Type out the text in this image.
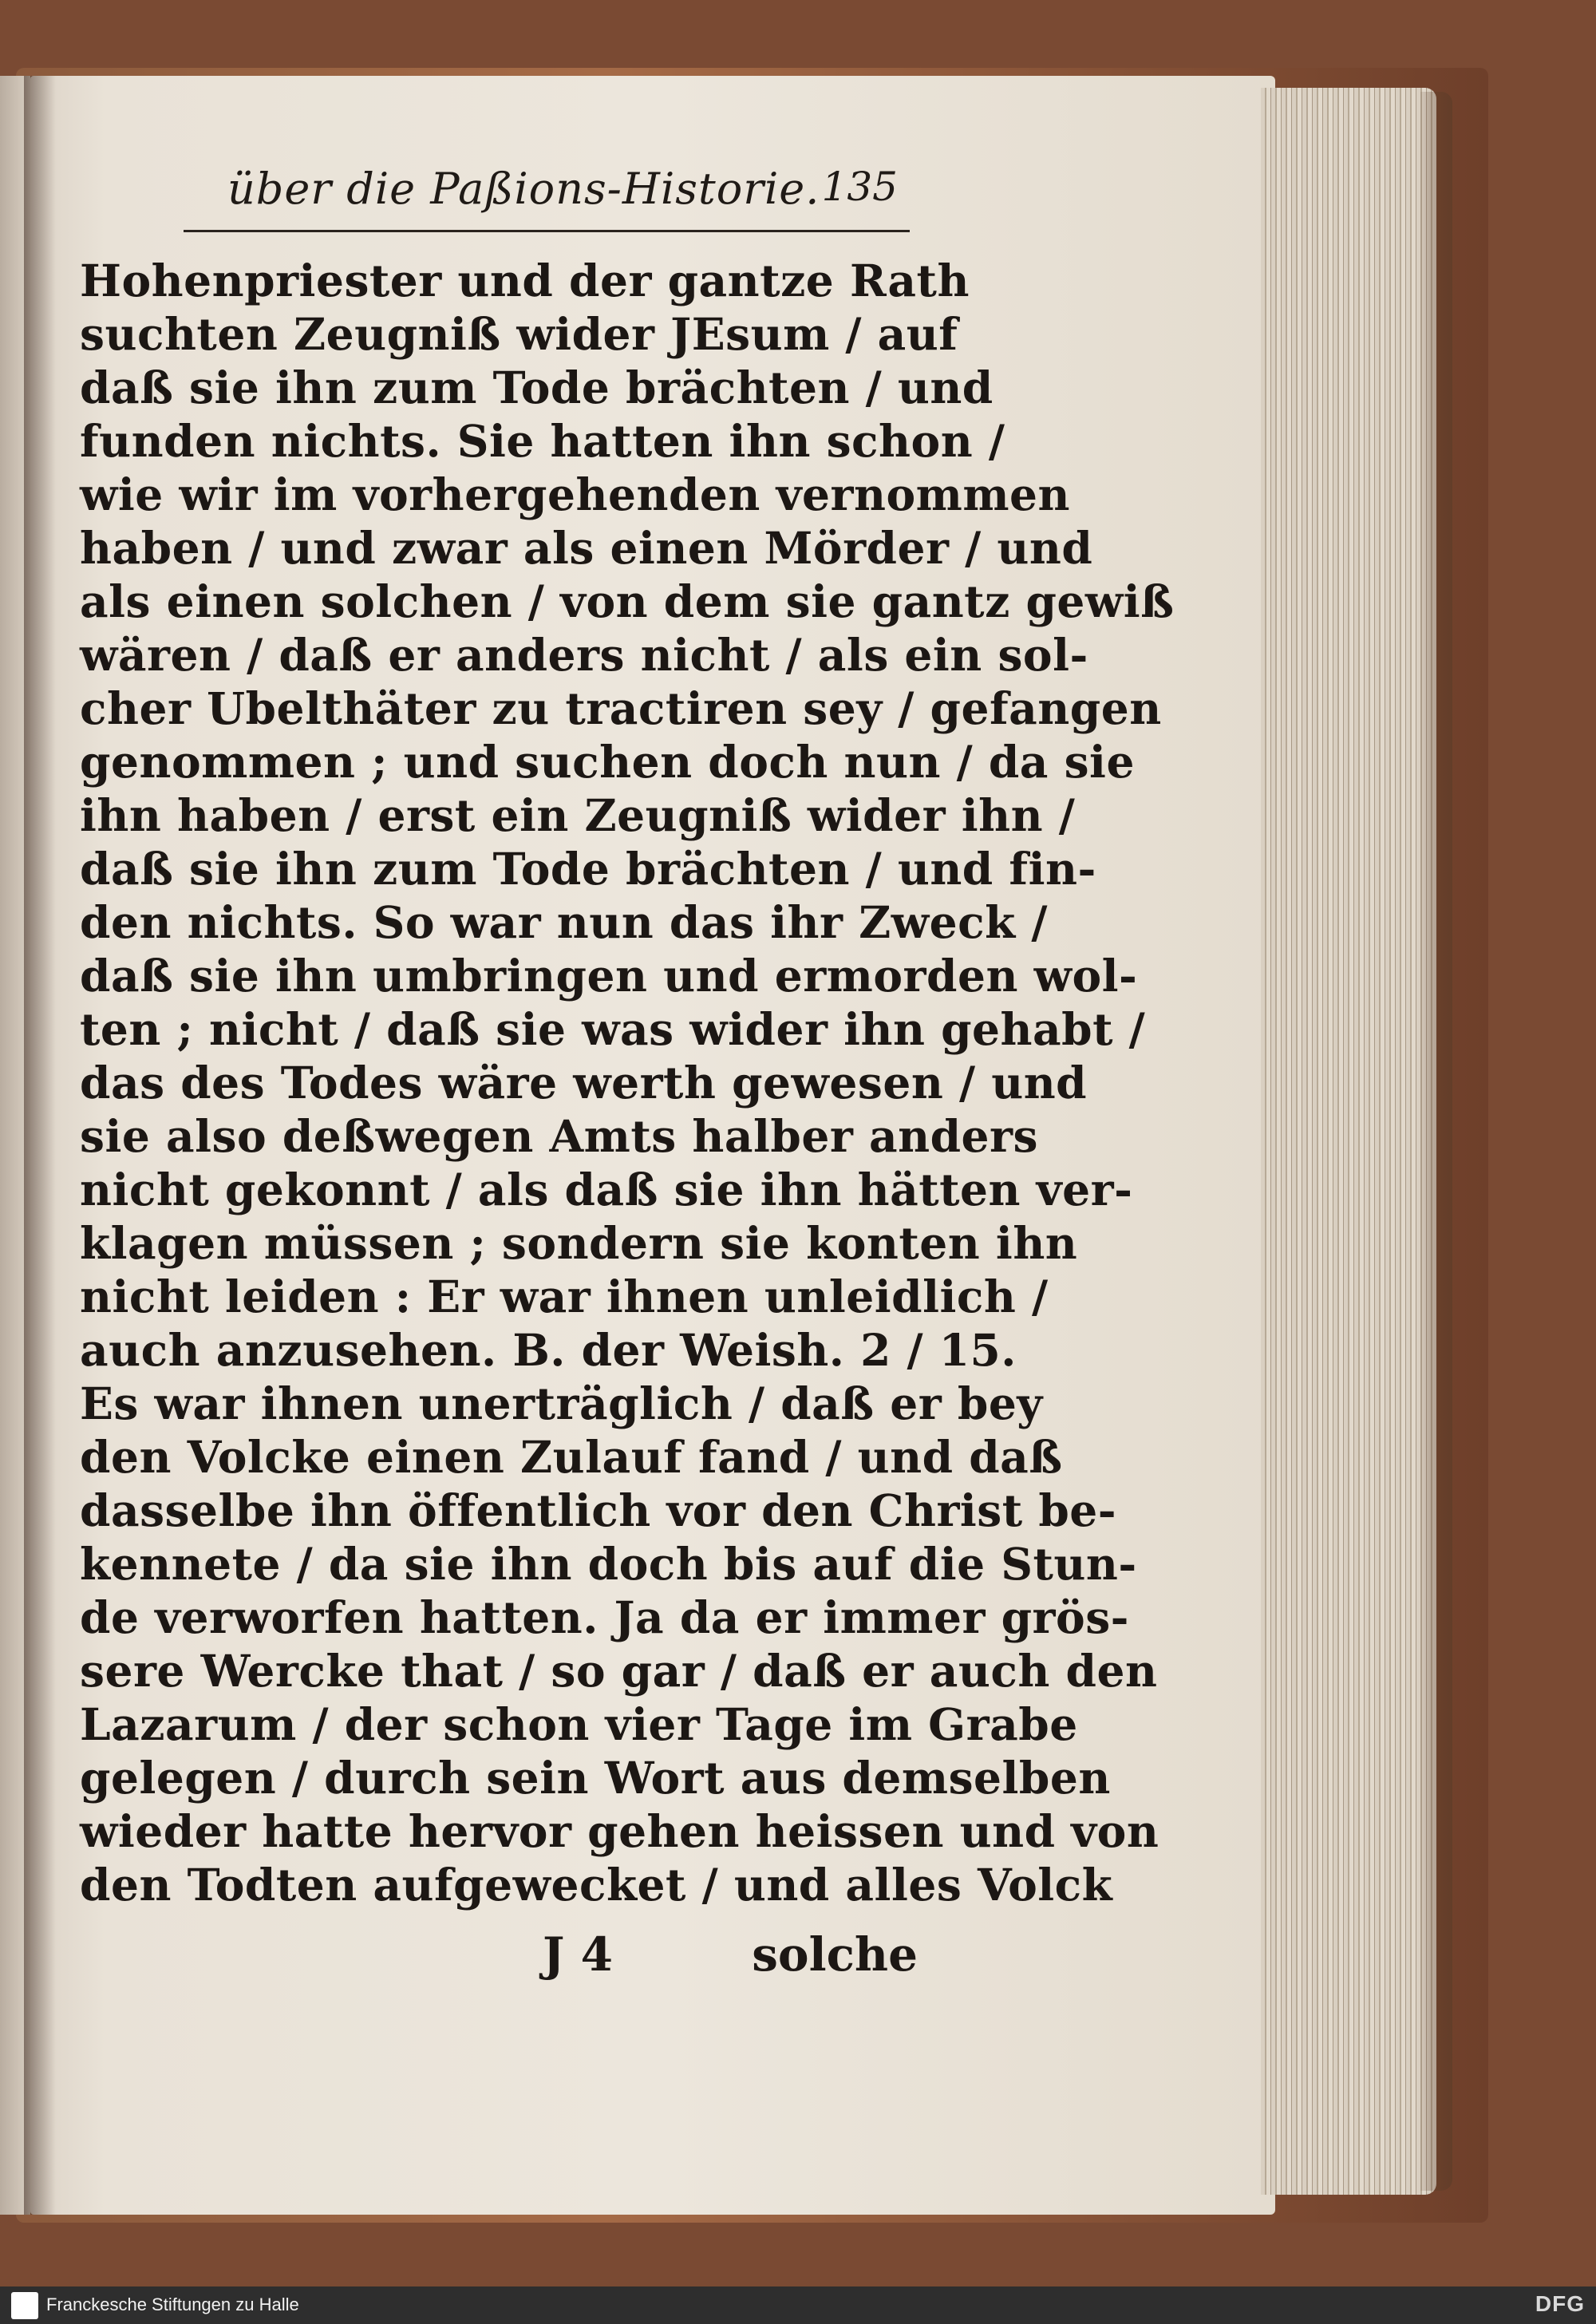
über die Paßions-Historie. 135
Hohenpriester und der gantze Rath
suchten Zeugniß wider JEsum / auf
daß sie ihn zum Tode brächten / und
funden nichts. Sie hatten ihn schon /
wie wir im vorhergehenden vernommen
haben / und zwar als einen Mörder / und
als einen solchen / von dem sie gantz gewiß
wären / daß er anders nicht / als ein sol-
cher Ubelthäter zu tractiren sey / gefangen
genommen ; und suchen doch nun / da sie
ihn haben / erst ein Zeugniß wider ihn /
daß sie ihn zum Tode brächten / und fin-
den nichts. So war nun das ihr Zweck /
daß sie ihn umbringen und ermorden wol-
ten ; nicht / daß sie was wider ihn gehabt /
das des Todes wäre werth gewesen / und
sie also deßwegen Amts halber anders
nicht gekonnt / als daß sie ihn hätten ver-
klagen müssen ; sondern sie konten ihn
nicht leiden : Er war ihnen unleidlich /
auch anzusehen. B. der Weish. 2 / 15.
Es war ihnen unerträglich / daß er bey
den Volcke einen Zulauf fand / und daß
dasselbe ihn öffentlich vor den Christ be-
kennete / da sie ihn doch bis auf die Stun-
de verworfen hatten. Ja da er immer grös-
sere Wercke that / so gar / daß er auch den
Lazarum / der schon vier Tage im Grabe
gelegen / durch sein Wort aus demselben
wieder hatte hervor gehen heissen und von
den Todten aufgewecket / und alles Volck
J 4	solche
Franckesche Stiftungen zu Halle	DFG
